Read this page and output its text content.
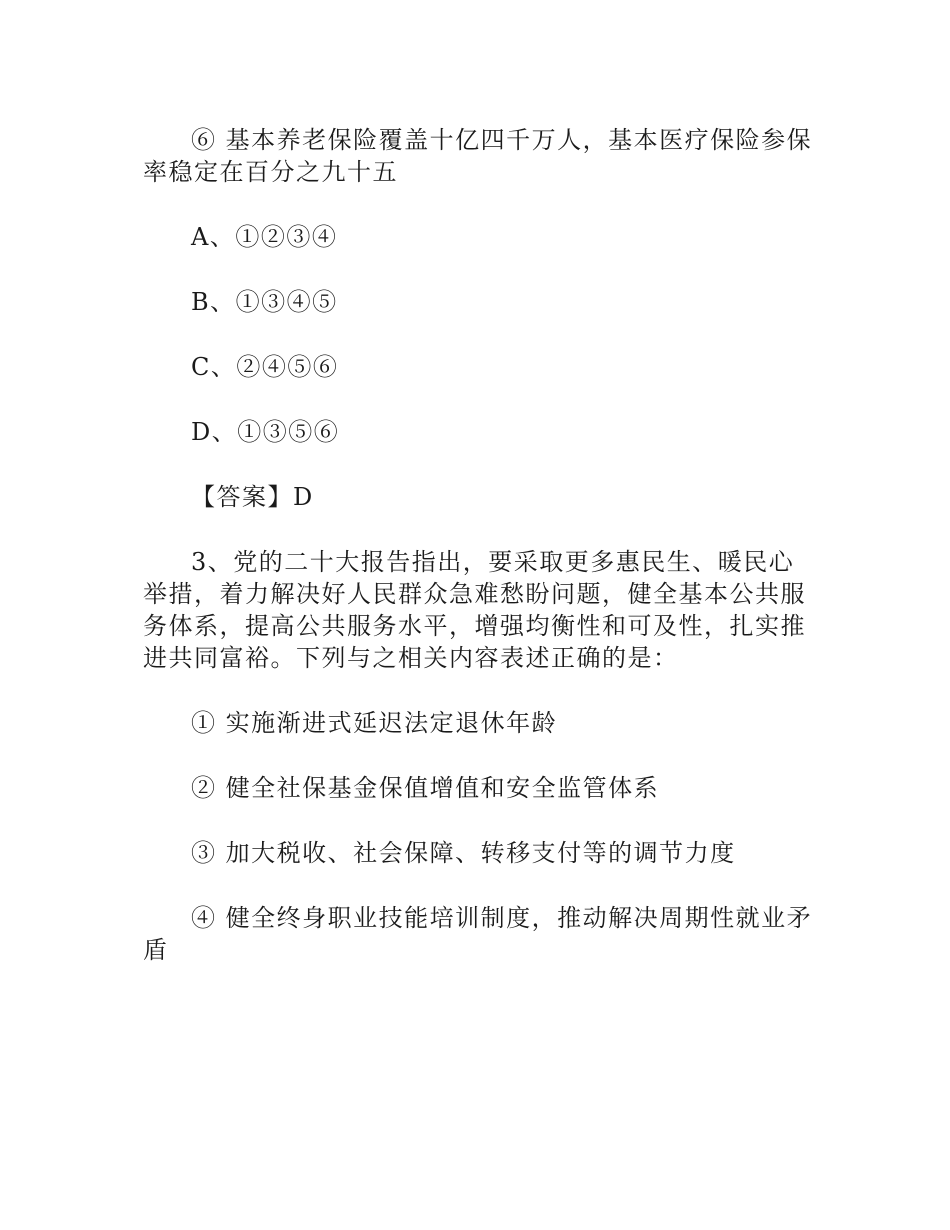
⑥ 基本养老保险覆盖十亿四千万人，基本医疗保险参保率稳定在百分之九十五

A、①②③④

B、①③④⑤

C、②④⑤⑥

D、①③⑤⑥

【答案】D

3、党的二十大报告指出，要采取更多惠民生、暖民心举措，着力解决好人民群众急难愁盼问题，健全基本公共服务体系，提高公共服务水平，增强均衡性和可及性，扎实推进共同富裕。下列与之相关内容表述正确的是：

① 实施渐进式延迟法定退休年龄

② 健全社保基金保值增值和安全监管体系

③ 加大税收、社会保障、转移支付等的调节力度

④ 健全终身职业技能培训制度，推动解决周期性就业矛盾
